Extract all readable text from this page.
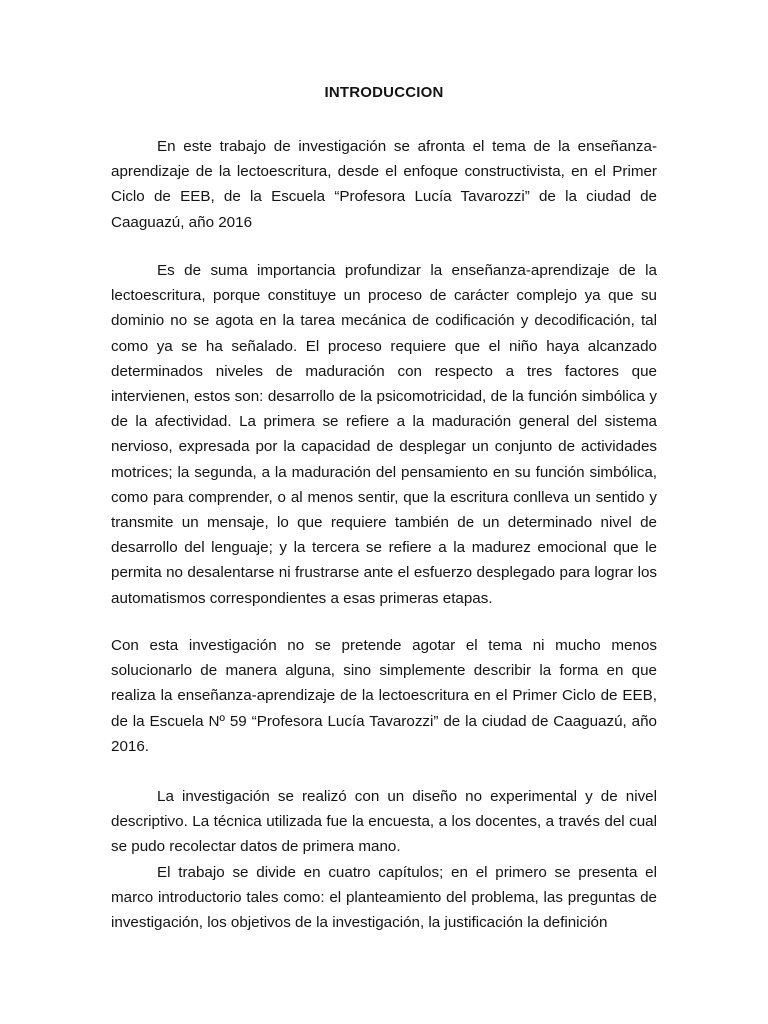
INTRODUCCION

En este trabajo de investigación se afronta el tema de la enseñanza-aprendizaje de la lectoescritura, desde el enfoque constructivista, en el Primer Ciclo de EEB, de la Escuela “Profesora Lucía Tavarozzi” de la ciudad de Caaguazú, año 2016

Es de suma importancia profundizar la enseñanza-aprendizaje de la lectoescritura, porque constituye un proceso de carácter complejo ya que su dominio no se agota en la tarea mecánica de codificación y decodificación, tal como ya se ha señalado. El proceso requiere que el niño haya alcanzado determinados niveles de maduración con respecto a tres factores que intervienen, estos son: desarrollo de la psicomotricidad, de la función simbólica y de la afectividad. La primera se refiere a la maduración general del sistema nervioso, expresada por la capacidad de desplegar un conjunto de actividades motrices; la segunda, a la maduración del pensamiento en su función simbólica, como para comprender, o al menos sentir, que la escritura conlleva un sentido y transmite un mensaje, lo que requiere también de un determinado nivel de desarrollo del lenguaje; y la tercera se refiere a la madurez emocional que le permita no desalentarse ni frustrarse ante el esfuerzo desplegado para lograr los automatismos correspondientes a esas primeras etapas.

Con esta investigación no se pretende agotar el tema ni mucho menos solucionarlo de manera alguna, sino simplemente describir la forma en que realiza la enseñanza-aprendizaje de la lectoescritura en el Primer Ciclo de EEB, de la Escuela Nº 59 “Profesora Lucía Tavarozzi” de la ciudad de Caaguazú, año 2016.

La investigación se realizó con un diseño no experimental y de nivel descriptivo. La técnica utilizada fue la encuesta, a los docentes, a través del cual se pudo recolectar datos de primera mano.

El trabajo se divide en cuatro capítulos; en el primero se presenta el marco introductorio tales como: el planteamiento del problema, las preguntas de investigación, los objetivos de la investigación, la justificación la definición
